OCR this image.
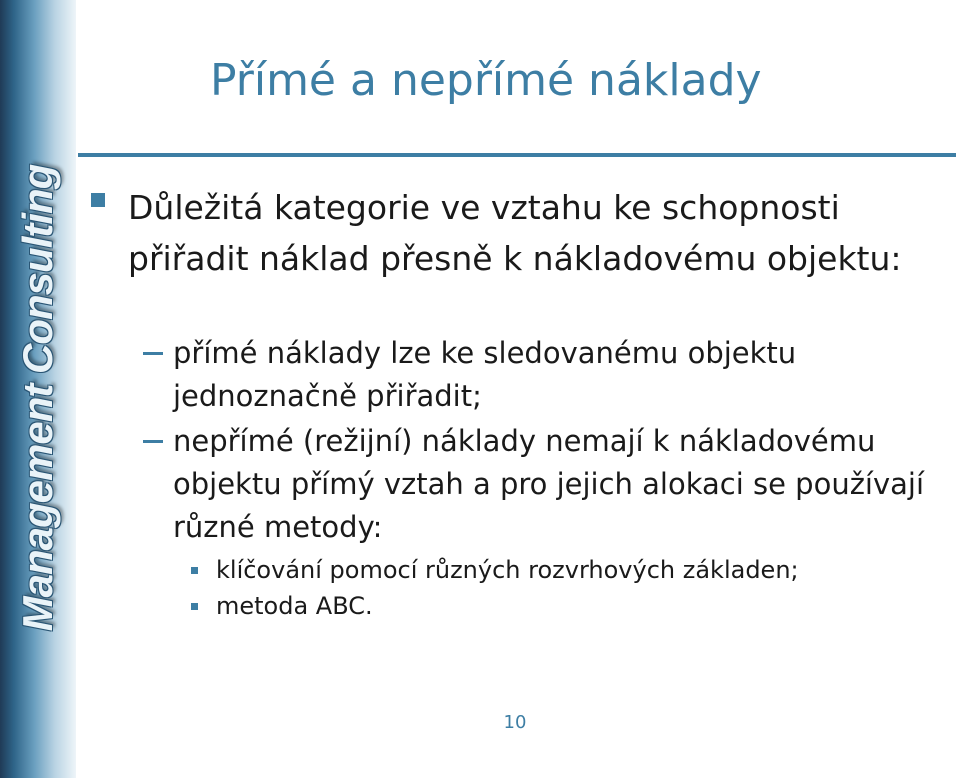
Management Consulting
Přímé a nepřímé náklady
Důležitá kategorie ve vztahu ke schopnosti přiřadit náklad přesně k nákladovému objektu:
přímé náklady lze ke sledovanému objektu jednoznačně přiřadit;
nepřímé (režijní) náklady nemají k nákladovému objektu přímý vztah a pro jejich alokaci se používají různé metody:
klíčování pomocí různých rozvrhových základen;
metoda ABC.
10
